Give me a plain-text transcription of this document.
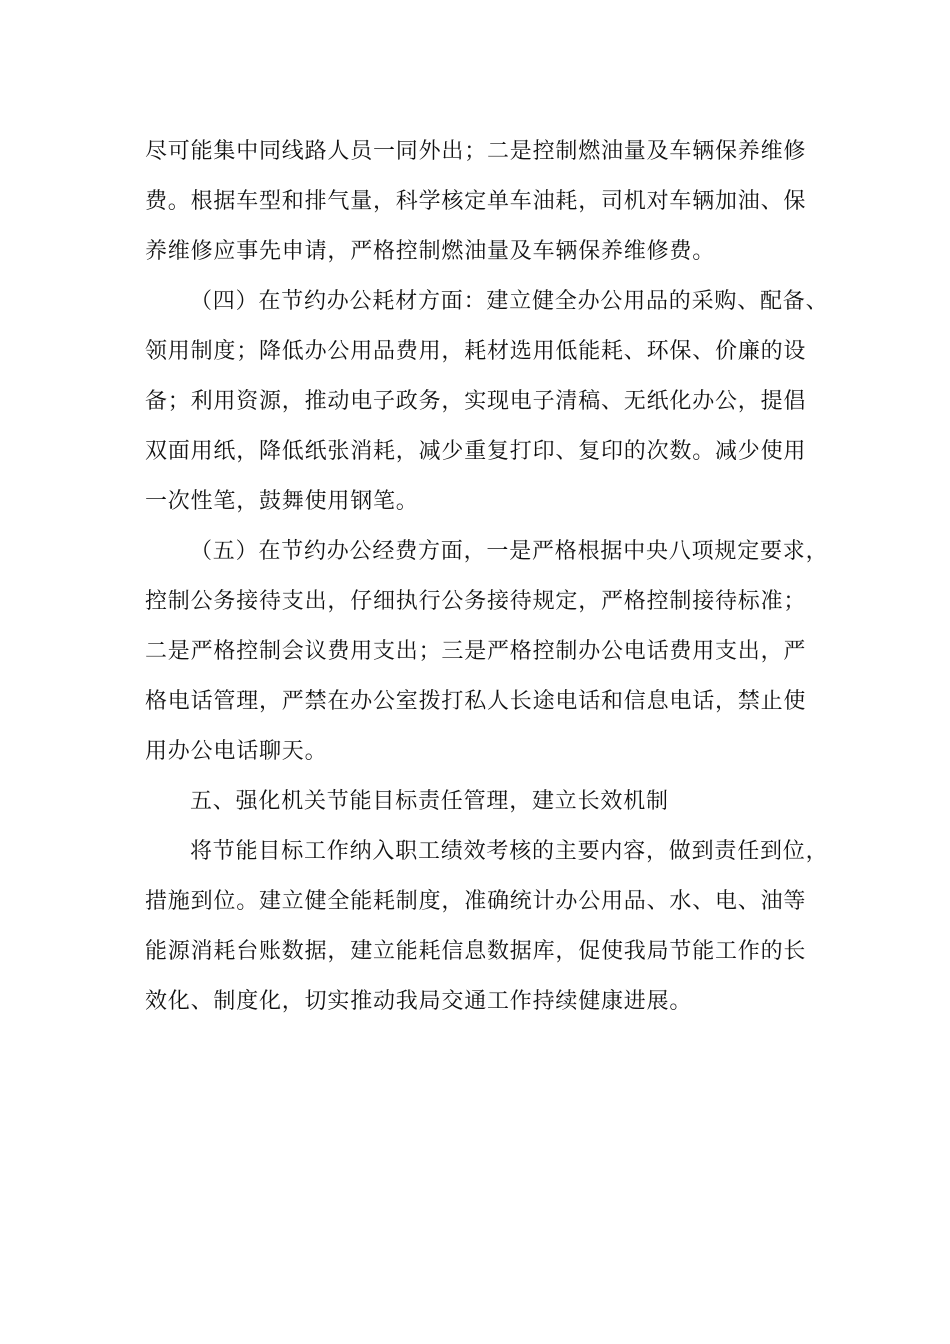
尽可能集中同线路人员一同外出；二是控制燃油量及车辆保养维修
费。根据车型和排气量，科学核定单车油耗，司机对车辆加油、保
养维修应事先申请，严格控制燃油量及车辆保养维修费。
（四）在节约办公耗材方面：建立健全办公用品的采购、配备、
领用制度；降低办公用品费用，耗材选用低能耗、环保、价廉的设
备；利用资源，推动电子政务，实现电子清稿、无纸化办公，提倡
双面用纸，降低纸张消耗，减少重复打印、复印的次数。减少使用
一次性笔，鼓舞使用钢笔。
（五）在节约办公经费方面，一是严格根据中央八项规定要求，
控制公务接待支出，仔细执行公务接待规定，严格控制接待标准；
二是严格控制会议费用支出；三是严格控制办公电话费用支出，严
格电话管理，严禁在办公室拨打私人长途电话和信息电话，禁止使
用办公电话聊天。
五、强化机关节能目标责任管理，建立长效机制
将节能目标工作纳入职工绩效考核的主要内容，做到责任到位，
措施到位。建立健全能耗制度，准确统计办公用品、水、电、油等
能源消耗台账数据，建立能耗信息数据库，促使我局节能工作的长
效化、制度化，切实推动我局交通工作持续健康进展。
